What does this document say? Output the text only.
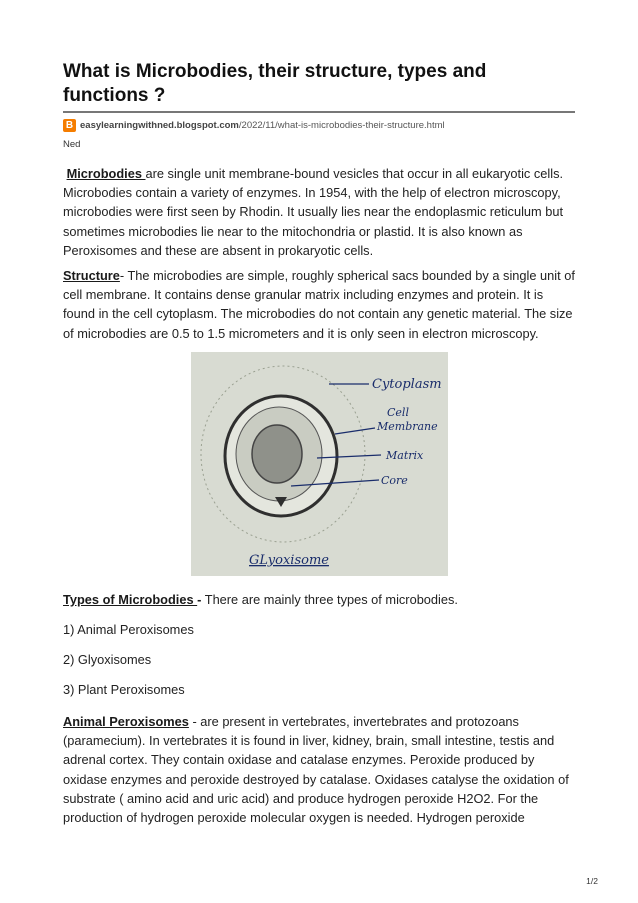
What is Microbodies, their structure, types and functions ?
B easylearningwithned.blogspot.com /2022/11/what-is-microbodies-their-structure.html
Ned

Microbodies are single unit membrane-bound vesicles that occur in all eukaryotic cells. Microbodies contain a variety of enzymes. In 1954, with the help of electron microscopy, microbodies were first seen by Rhodin. It usually lies near the endoplasmic reticulum but sometimes microbodies lie near to the mitochondria or plastid. It is also known as Peroxisomes and these are absent in prokaryotic cells.

Structure- The microbodies are simple, roughly spherical sacs bounded by a single unit of cell membrane. It contains dense granular matrix including enzymes and protein. It is found in the cell cytoplasm. The microbodies do not contain any genetic material. The size of microbodies are 0.5 to 1.5 micrometers and it is only seen in electron microscopy.

Cytoplasm
Cell
Membrane
Matrix
Core
GLyoxisome

Types of Microbodies - There are mainly three types of microbodies.

1) Animal Peroxisomes

2) Glyoxisomes

3) Plant Peroxisomes

Animal Peroxisomes - are present in vertebrates, invertebrates and protozoans (paramecium). In vertebrates it is found in liver, kidney, brain, small intestine, testis and adrenal cortex. They contain oxidase and catalase enzymes. Peroxide produced by oxidase enzymes and peroxide destroyed by catalase. Oxidases catalyse the oxidation of substrate ( amino acid and uric acid) and produce hydrogen peroxide H2O2. For the production of hydrogen peroxide molecular oxygen is needed. Hydrogen peroxide

1/2
